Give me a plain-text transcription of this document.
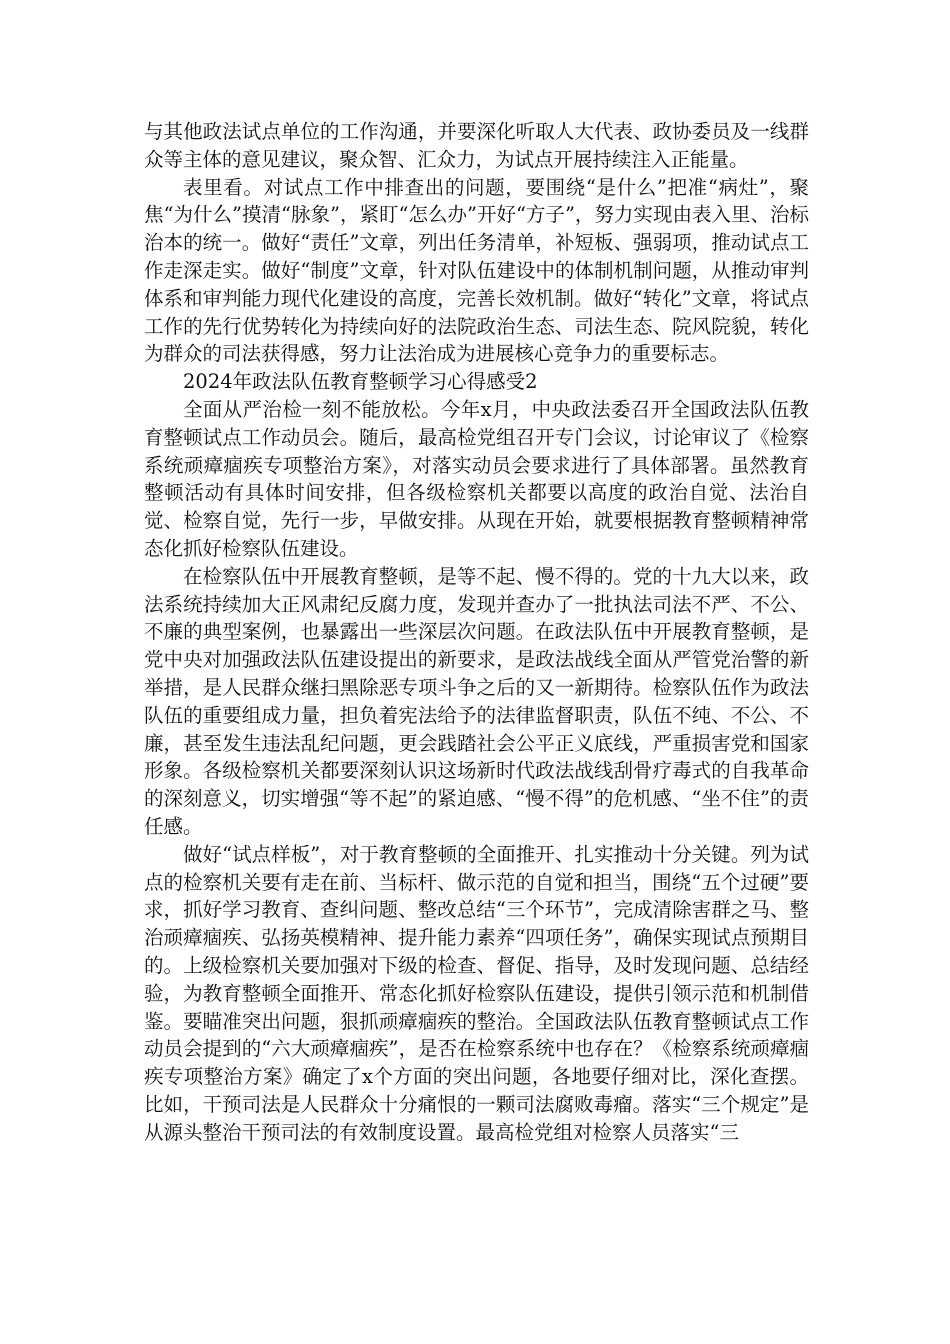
与其他政法试点单位的工作沟通，并要深化听取人大代表、政协委员及一线群众等主体的意见建议，聚众智、汇众力，为试点开展持续注入正能量。

表里看。对试点工作中排查出的问题，要围绕“是什么”把准“病灶”，聚焦“为什么”摸清“脉象”，紧盯“怎么办”开好“方子”，努力实现由表入里、治标治本的统一。做好“责任”文章，列出任务清单，补短板、强弱项，推动试点工作走深走实。做好“制度”文章，针对队伍建设中的体制机制问题，从推动审判体系和审判能力现代化建设的高度，完善长效机制。做好“转化”文章，将试点工作的先行优势转化为持续向好的法院政治生态、司法生态、院风院貌，转化为群众的司法获得感，努力让法治成为进展核心竞争力的重要标志。

2024年政法队伍教育整顿学习心得感受2

全面从严治检一刻不能放松。今年x月，中央政法委召开全国政法队伍教育整顿试点工作动员会。随后，最高检党组召开专门会议，讨论审议了《检察系统顽瘴痼疾专项整治方案》，对落实动员会要求进行了具体部署。虽然教育整顿活动有具体时间安排，但各级检察机关都要以高度的政治自觉、法治自觉、检察自觉，先行一步，早做安排。从现在开始，就要根据教育整顿精神常态化抓好检察队伍建设。

在检察队伍中开展教育整顿，是等不起、慢不得的。党的十九大以来，政法系统持续加大正风肃纪反腐力度，发现并查办了一批执法司法不严、不公、不廉的典型案例，也暴露出一些深层次问题。在政法队伍中开展教育整顿，是党中央对加强政法队伍建设提出的新要求，是政法战线全面从严管党治警的新举措，是人民群众继扫黑除恶专项斗争之后的又一新期待。检察队伍作为政法队伍的重要组成力量，担负着宪法给予的法律监督职责，队伍不纯、不公、不廉，甚至发生违法乱纪问题，更会践踏社会公平正义底线，严重损害党和国家形象。各级检察机关都要深刻认识这场新时代政法战线刮骨疗毒式的自我革命的深刻意义，切实增强“等不起”的紧迫感、“慢不得”的危机感、“坐不住”的责任感。

做好“试点样板”，对于教育整顿的全面推开、扎实推动十分关键。列为试点的检察机关要有走在前、当标杆、做示范的自觉和担当，围绕“五个过硬”要求，抓好学习教育、查纠问题、整改总结“三个环节”，完成清除害群之马、整治顽瘴痼疾、弘扬英模精神、提升能力素养“四项任务”，确保实现试点预期目的。上级检察机关要加强对下级的检查、督促、指导，及时发现问题、总结经验，为教育整顿全面推开、常态化抓好检察队伍建设，提供引领示范和机制借鉴。要瞄准突出问题，狠抓顽瘴痼疾的整治。全国政法队伍教育整顿试点工作动员会提到的“六大顽瘴痼疾”，是否在检察系统中也存在？《检察系统顽瘴痼疾专项整治方案》确定了x个方面的突出问题，各地要仔细对比，深化查摆。比如，干预司法是人民群众十分痛恨的一颗司法腐败毒瘤。落实“三个规定”是从源头整治干预司法的有效制度设置。最高检党组对检察人员落实“三
